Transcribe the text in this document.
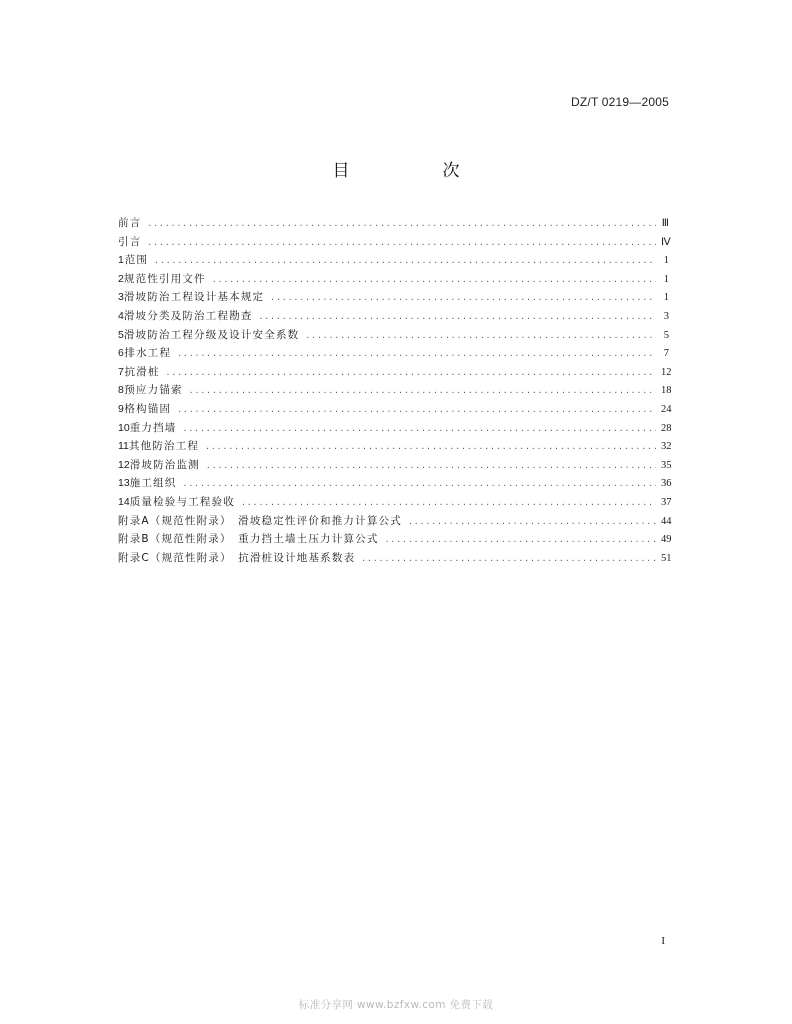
DZ/T 0219—2005
目　次
前言 .....	Ⅲ
引言 .....	Ⅳ
1 范围 .....	1
2 规范性引用文件 .....	1
3 滑坡防治工程设计基本规定 .....	1
4 滑坡分类及防治工程勘查 .....	3
5 滑坡防治工程分级及设计安全系数 .....	5
6 排水工程 .....	7
7 抗滑桩 .....	12
8 预应力锚索 .....	18
9 格构锚固 .....	24
10 重力挡墙 .....	28
11 其他防治工程 .....	32
12 滑坡防治监测 .....	35
13 施工组织 .....	36
14 质量检验与工程验收 .....	37
附录A（规范性附录）　滑坡稳定性评价和推力计算公式 .....	44
附录B（规范性附录）　重力挡土墙土压力计算公式 .....	49
附录C（规范性附录）　抗滑桩设计地基系数表 .....	51
I
标准分享网 www.bzfxw.com 免费下载
